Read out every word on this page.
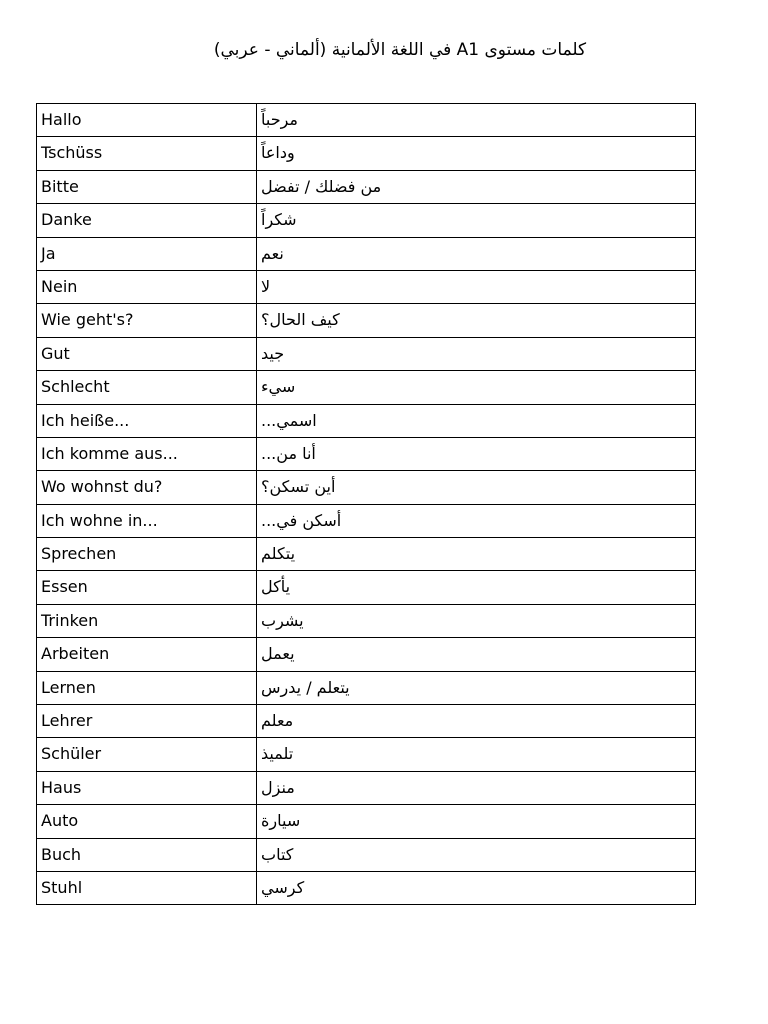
كلمات مستوى A1 في اللغة الألمانية (ألماني - عربي)
Hallo	مرحباً
Tschüss	وداعاً
Bitte	من فضلك / تفضل
Danke	شكراً
Ja	نعم
Nein	لا
Wie geht's?	كيف الحال؟
Gut	جيد
Schlecht	سيء
Ich heiße...	اسمي...
Ich komme aus...	أنا من...
Wo wohnst du?	أين تسكن؟
Ich wohne in...	أسكن في...
Sprechen	يتكلم
Essen	يأكل
Trinken	يشرب
Arbeiten	يعمل
Lernen	يتعلم / يدرس
Lehrer	معلم
Schüler	تلميذ
Haus	منزل
Auto	سيارة
Buch	كتاب
Stuhl	كرسي
